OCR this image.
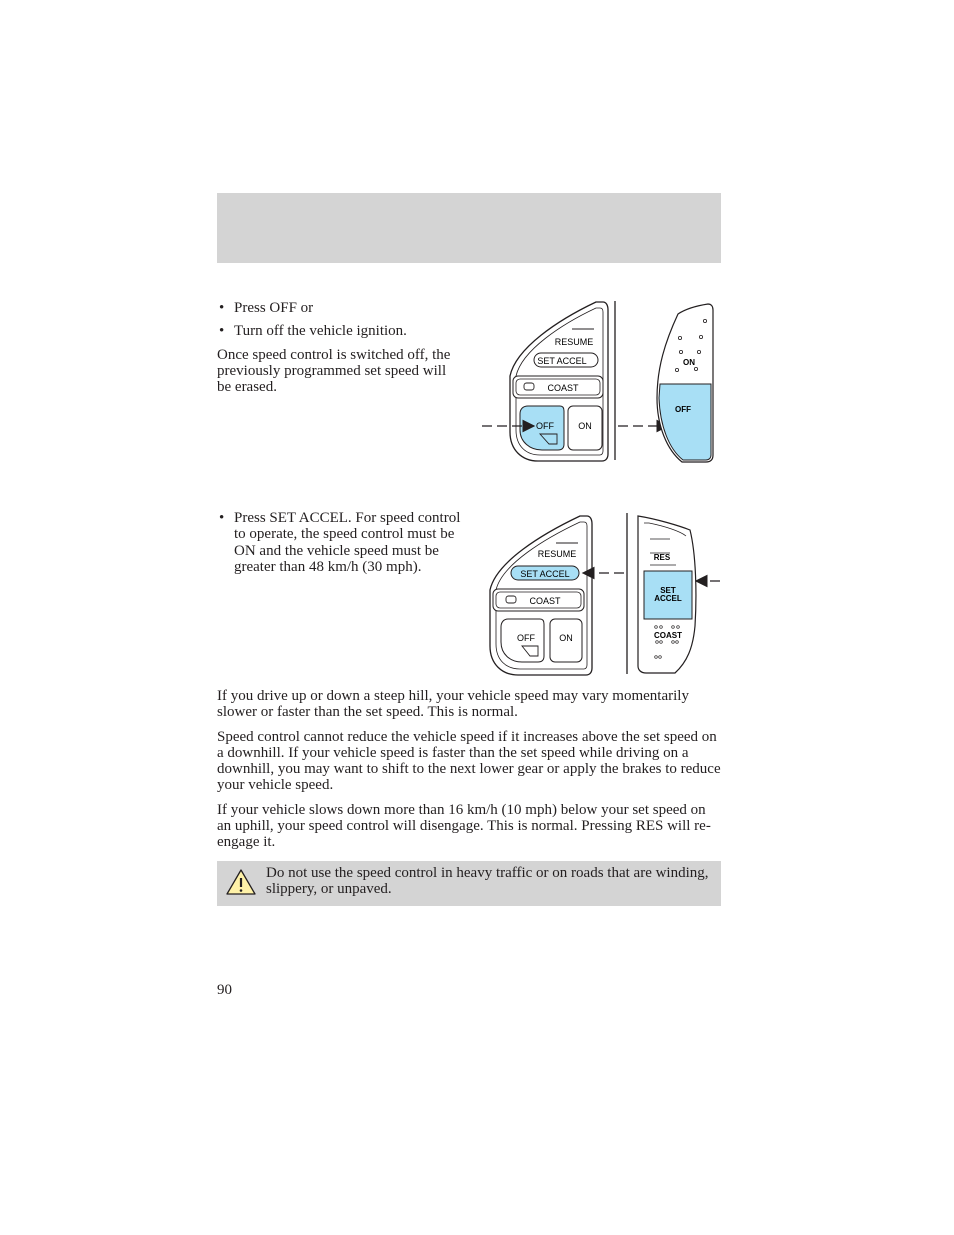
• Press OFF or
• Turn off the vehicle ignition.

Once speed control is switched off, the previously programmed set speed will be erased.

RESUME
SET ACCEL
COAST
OFF	ON
ON
OFF
• Press SET ACCEL. For speed control to operate, the speed control must be ON and the vehicle speed must be greater than 48 km/h (30 mph).
RESUME
SET ACCEL
COAST
OFF	ON
RES
SET
ACCEL
COAST

If you drive up or down a steep hill, your vehicle speed may vary momentarily slower or faster than the set speed. This is normal.

Speed control cannot reduce the vehicle speed if it increases above the set speed on a downhill. If your vehicle speed is faster than the set speed while driving on a downhill, you may want to shift to the next lower gear or apply the brakes to reduce your vehicle speed.

If your vehicle slows down more than 16 km/h (10 mph) below your set speed on an uphill, your speed control will disengage. This is normal. Pressing RES will re-engage it.

Do not use the speed control in heavy traffic or on roads that are winding, slippery, or unpaved.
90
